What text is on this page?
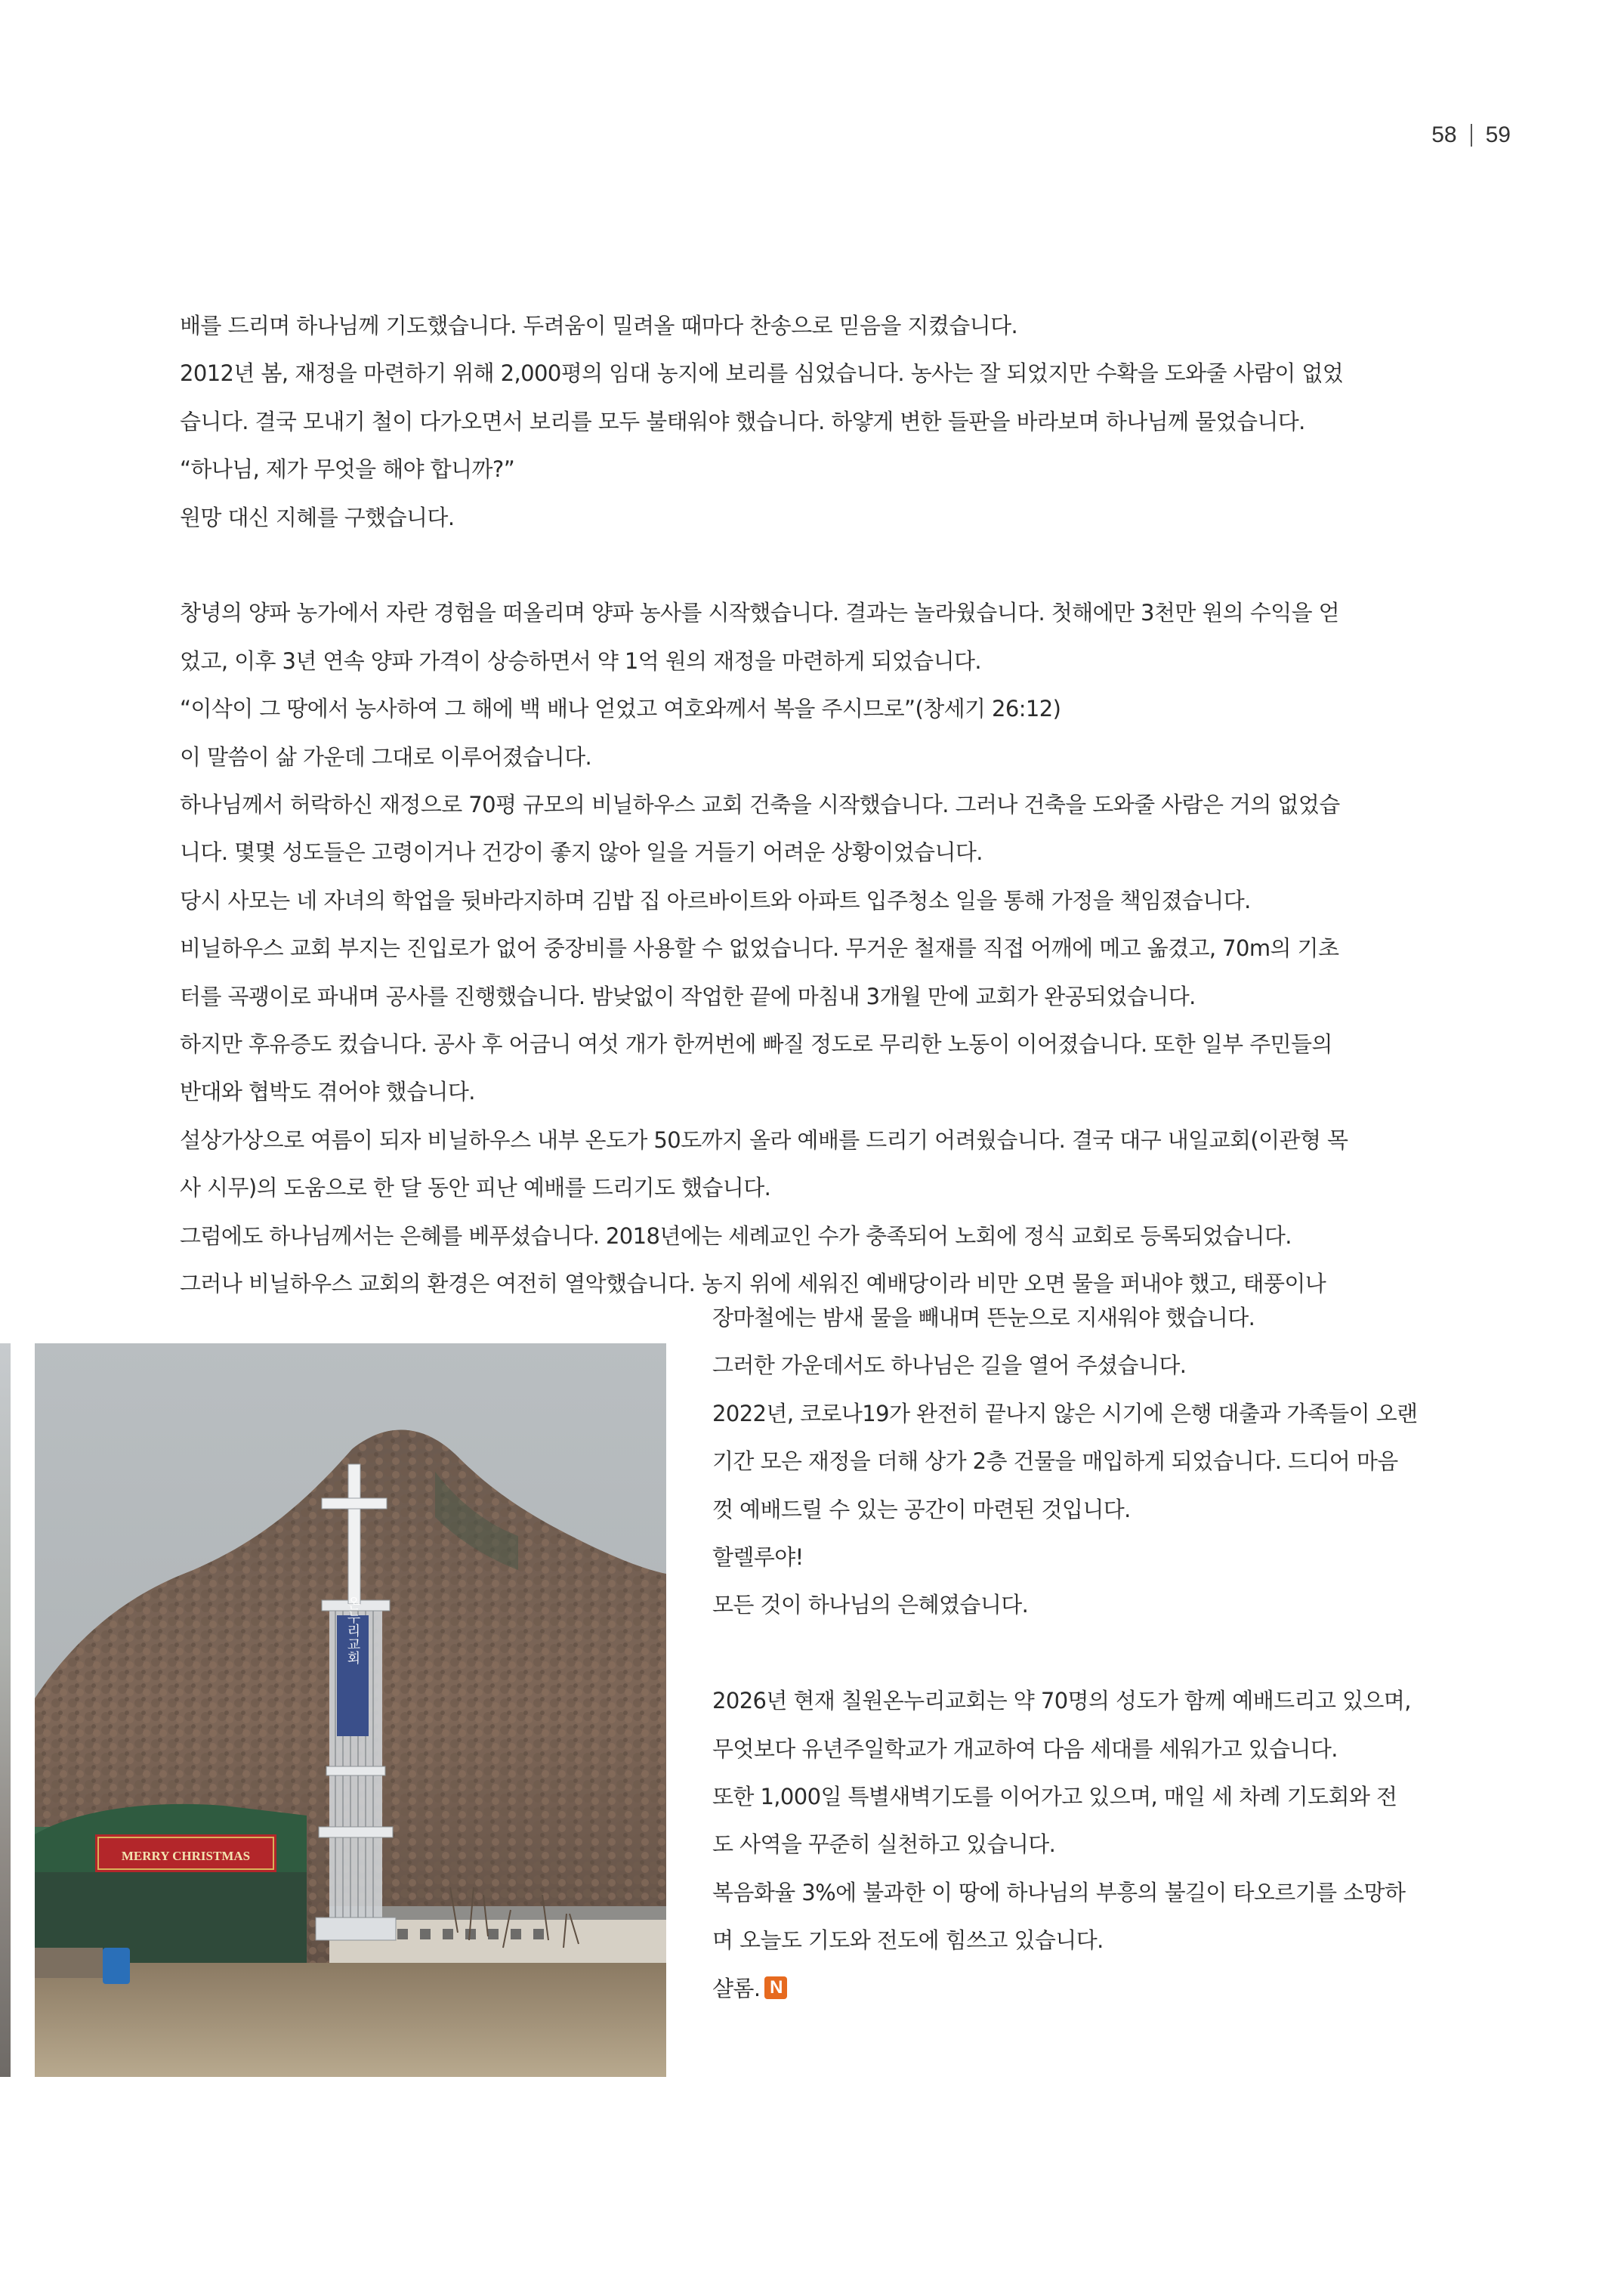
58 59

배를 드리며 하나님께 기도했습니다. 두려움이 밀려올 때마다 찬송으로 믿음을 지켰습니다.

2012년 봄, 재정을 마련하기 위해 2,000평의 임대 농지에 보리를 심었습니다. 농사는 잘 되었지만 수확을 도와줄 사람이 없었

습니다. 결국 모내기 철이 다가오면서 보리를 모두 불태워야 했습니다. 하얗게 변한 들판을 바라보며 하나님께 물었습니다.

“하나님, 제가 무엇을 해야 합니까?”

원망 대신 지혜를 구했습니다.

창녕의 양파 농가에서 자란 경험을 떠올리며 양파 농사를 시작했습니다. 결과는 놀라웠습니다. 첫해에만 3천만 원의 수익을 얻

었고, 이후 3년 연속 양파 가격이 상승하면서 약 1억 원의 재정을 마련하게 되었습니다.

“이삭이 그 땅에서 농사하여 그 해에 백 배나 얻었고 여호와께서 복을 주시므로”(창세기 26:12)

이 말씀이 삶 가운데 그대로 이루어졌습니다.

하나님께서 허락하신 재정으로 70평 규모의 비닐하우스 교회 건축을 시작했습니다. 그러나 건축을 도와줄 사람은 거의 없었습

니다. 몇몇 성도들은 고령이거나 건강이 좋지 않아 일을 거들기 어려운 상황이었습니다.

당시 사모는 네 자녀의 학업을 뒷바라지하며 김밥 집 아르바이트와 아파트 입주청소 일을 통해 가정을 책임졌습니다.

비닐하우스 교회 부지는 진입로가 없어 중장비를 사용할 수 없었습니다. 무거운 철재를 직접 어깨에 메고 옮겼고, 70m의 기초

터를 곡괭이로 파내며 공사를 진행했습니다. 밤낮없이 작업한 끝에 마침내 3개월 만에 교회가 완공되었습니다.

하지만 후유증도 컸습니다. 공사 후 어금니 여섯 개가 한꺼번에 빠질 정도로 무리한 노동이 이어졌습니다. 또한 일부 주민들의

반대와 협박도 겪어야 했습니다.

설상가상으로 여름이 되자 비닐하우스 내부 온도가 50도까지 올라 예배를 드리기 어려웠습니다. 결국 대구 내일교회(이관형 목

사 시무)의 도움으로 한 달 동안 피난 예배를 드리기도 했습니다.

그럼에도 하나님께서는 은혜를 베푸셨습니다. 2018년에는 세례교인 수가 충족되어 노회에 정식 교회로 등록되었습니다.

그러나 비닐하우스 교회의 환경은 여전히 열악했습니다. 농지 위에 세워진 예배당이라 비만 오면 물을 퍼내야 했고, 태풍이나

MERRY CHRISTMAS
온누리교회

장마철에는 밤새 물을 빼내며 뜬눈으로 지새워야 했습니다.

그러한 가운데서도 하나님은 길을 열어 주셨습니다.

2022년, 코로나19가 완전히 끝나지 않은 시기에 은행 대출과 가족들이 오랜

기간 모은 재정을 더해 상가 2층 건물을 매입하게 되었습니다. 드디어 마음

껏 예배드릴 수 있는 공간이 마련된 것입니다.

할렐루야!

모든 것이 하나님의 은혜였습니다.

2026년 현재 칠원온누리교회는 약 70명의 성도가 함께 예배드리고 있으며,

무엇보다 유년주일학교가 개교하여 다음 세대를 세워가고 있습니다.

또한 1,000일 특별새벽기도를 이어가고 있으며, 매일 세 차례 기도회와 전

도 사역을 꾸준히 실천하고 있습니다.

복음화율 3%에 불과한 이 땅에 하나님의 부흥의 불길이 타오르기를 소망하

며 오늘도 기도와 전도에 힘쓰고 있습니다.

샬롬. N
